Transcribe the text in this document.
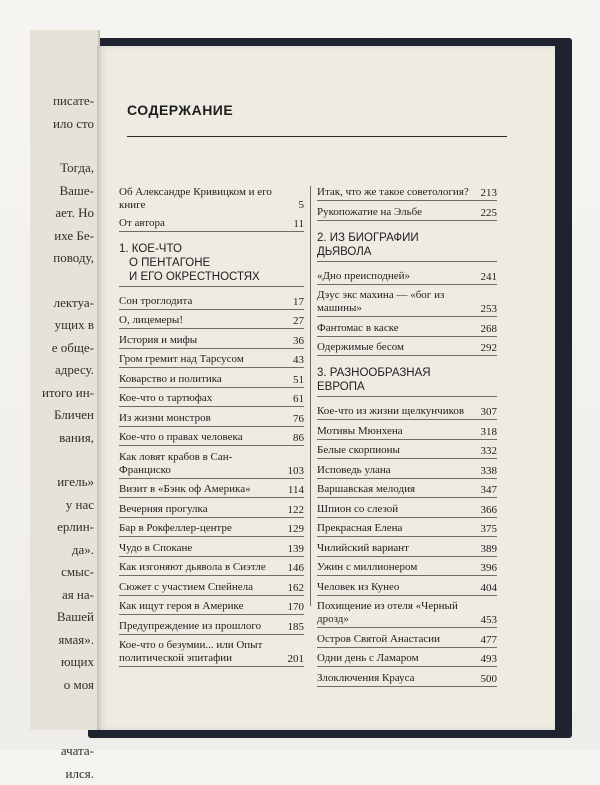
писате-
ило сто
Тогда,
Ваше-
ает. Но
ихе Бе-
поводу,
лектуа-
ущих в
е обще-
адресу.
итого ин-
Бличен
вания,
игель»
у нас
ерлин-
да».
смыс-
ая на-
Вашей
ямая».
ющих
о моя
ачата-
ился.
СОДЕРЖАНИЕ
Об Александре Кривицком и его книге	5
От автора	11
1. КОЕ-ЧТО
О ПЕНТАГОНЕ
И ЕГО ОКРЕСТНОСТЯХ
Сон троглодита	17
О, лицемеры!	27
История и мифы	36
Гром гремит над Тарсусом	43
Коварство и политика	51
Кое-что о тартюфах	61
Из жизни монстров	76
Кое-что о правах человека	86
Как ловят крабов в Сан-Франциско	103
Визит в «Бэнк оф Америка»	114
Вечерняя прогулка	122
Бар в Рокфеллер-центре	129
Чудо в Спокане	139
Как изгоняют дьявола в Сиэтле 146
Сюжет с участием Спейнела	162
Как ищут героя в Америке	170
Предупреждение из прошлого 185
Кое-что о безумии... или Опыт политической эпитафии	201
Итак, что же такое советология? 213
Рукопожатие на Эльбе	225
2. ИЗ БИОГРАФИИ
ДЬЯВОЛА
«Дно преисподней»	241
Дэус экс махина — «бог из машины»	253
Фантомас в каске	268
Одержимые бесом	292
3. РАЗНООБРАЗНАЯ
ЕВРОПА
Кое-что из жизни щелкунчиков 307
Мотивы Мюнхена	318
Белые скорпионы	332
Исповедь улана	338
Варшавская мелодия	347
Шпион со слезой	366
Прекрасная Елена	375
Чилийский вариант	389
Ужин с миллионером	396
Человек из Кунео	404
Похищение из отеля «Черный дрозд»	453
Остров Святой Анастасии	477
Одни день с Ламаром	493
Злоключения Крауса	500
